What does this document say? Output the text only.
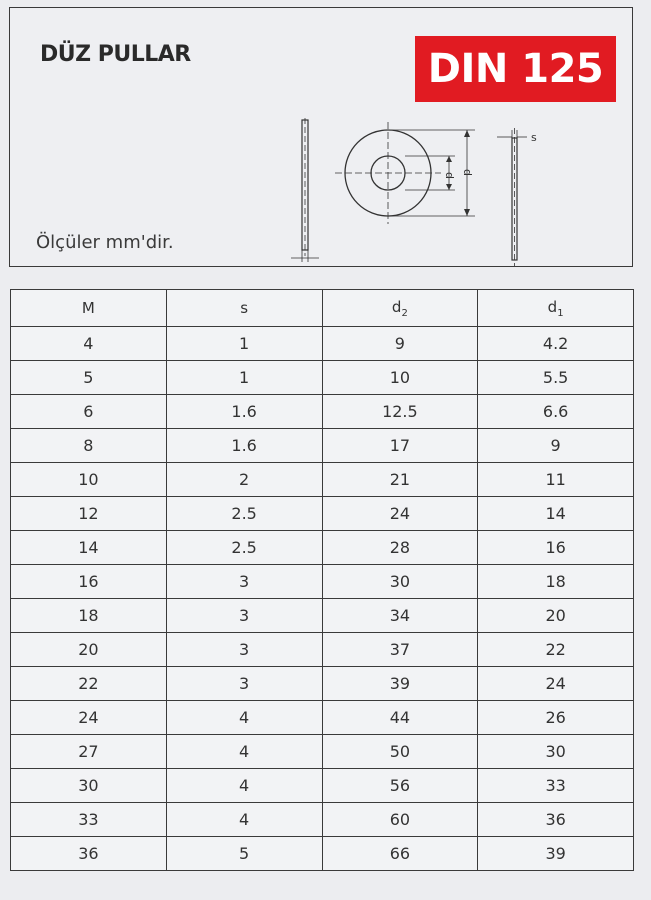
DÜZ PULLAR	DIN 125
d d
s
Ölçüler mm'dir.
M	s	$d_2$	$d_1$
4	1	9	4.2
5	1	10	5.5
6	1.6	12.5	6.6
8	1.6	17	9
10	2	21	11
12	2.5	24	14
14	2.5	28	16
16	3	30	18
18	3	34	20
20	3	37	22
22	3	39	24
24	4	44	26
27	4	50	30
30	4	56	33
33	4	60	36
36	5	66	39
